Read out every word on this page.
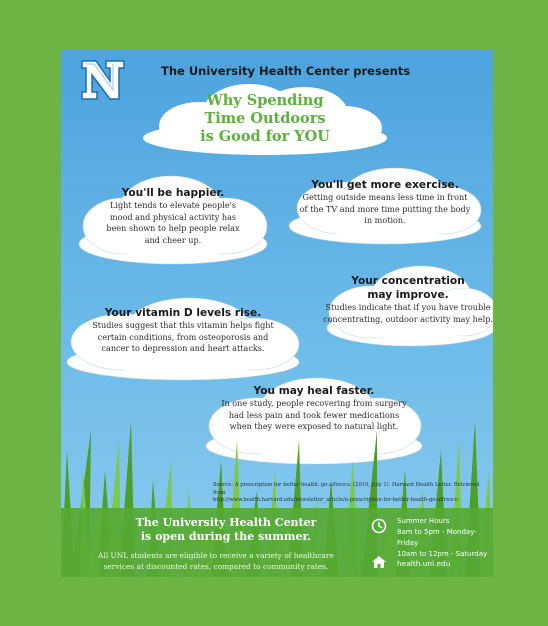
The University Health Center presents
Why Spending
Time Outdoors
is Good for YOU
You'll be happier.
Light tends to elevate people's
mood and physical activity has
been shown to help people relax
and cheer up.
You'll get more exercise.
Getting outside means less time in front
of the TV and more time putting the body
in motion.
Your concentration
may improve.
Studies indicate that if you have trouble
concentrating, outdoor activity may help.
Your vitamin D levels rise.
Studies suggest that this vitamin helps fight
certain conditions, from osteoporosis and
cancer to depression and heart attacks.
You may heal faster.
In one study, people recovering from surgery
had less pain and took fewer medications
when they were exposed to natural light.
Source: A prescription for better health: go alfresco. (2010, July 1). Harvard Health Letter. Retrieved from
http://www.health.harvard.edu/newsletter_article/a-prescription-for-better-health-go-alfresco
The University Health Center
is open during the summer.
All UNL students are eligible to receive a variety of healthcare
services at discounted rates, compared to community rates.
Summer Hours
8am to 5pm - Monday-Friday
10am to 12pm - Saturday
health.unl.edu
